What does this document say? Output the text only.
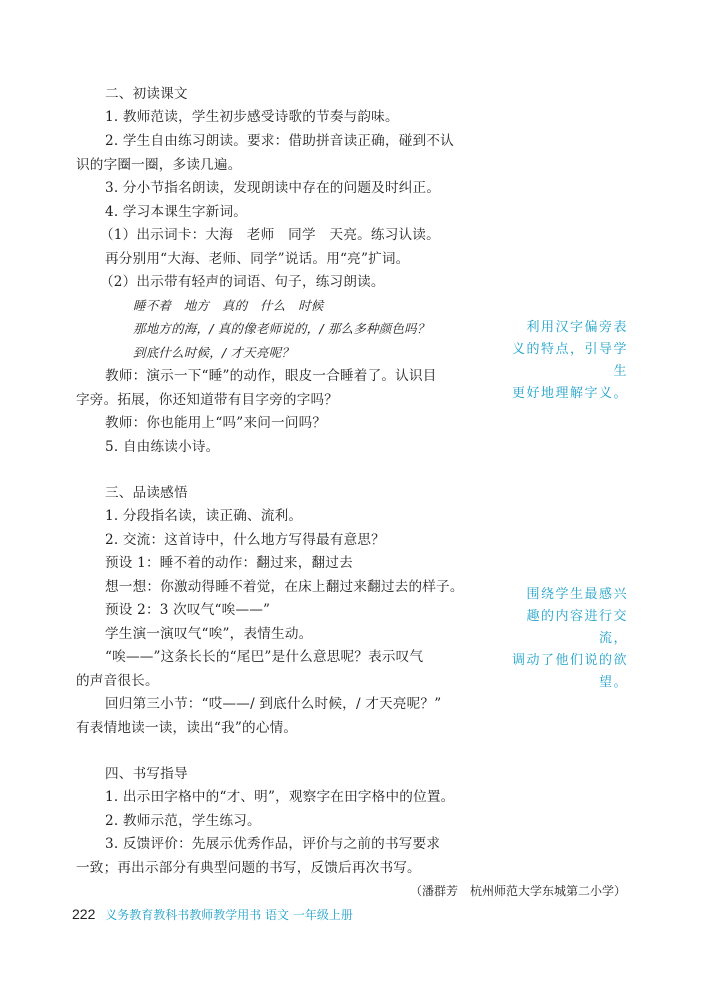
二、初读课文
1. 教师范读，学生初步感受诗歌的节奏与韵味。
2. 学生自由练习朗读。要求：借助拼音读正确，碰到不认
识的字圈一圈，多读几遍。
3. 分小节指名朗读，发现朗读中存在的问题及时纠正。
4. 学习本课生字新词。
（1）出示词卡：大海　老师　同学　天亮。练习认读。
再分别用“大海、老师、同学”说话。用“亮”扩词。
（2）出示带有轻声的词语、句子，练习朗读。
睡不着　地方　真的　什么　时候
那地方的海，/ 真的像老师说的，/ 那么多种颜色吗？
到底什么时候，/ 才天亮呢？
教师：演示一下“睡”的动作，眼皮一合睡着了。认识目
字旁。拓展，你还知道带有目字旁的字吗？
教师：你也能用上“吗”来问一问吗？
5. 自由练读小诗。
三、品读感悟
1. 分段指名读，读正确、流利。
2. 交流：这首诗中，什么地方写得最有意思？
预设 1：睡不着的动作：翻过来，翻过去
想一想：你激动得睡不着觉，在床上翻过来翻过去的样子。
预设 2：3 次叹气“唉——”
学生演一演叹气“唉”，表情生动。
“唉——”这条长长的“尾巴”是什么意思呢？表示叹气
的声音很长。
回归第三小节：“哎——/ 到底什么时候，/ 才天亮呢？”
有表情地读一读，读出“我”的心情。
四、书写指导
1. 出示田字格中的“才、明”，观察字在田字格中的位置。
2. 教师示范，学生练习。
3. 反馈评价：先展示优秀作品，评价与之前的书写要求
一致；再出示部分有典型问题的书写，反馈后再次书写。
（潘群芳　杭州师范大学东城第二小学）
利用汉字偏旁表
义的特点，引导学生
更好地理解字义。
围绕学生最感兴
趣的内容进行交流，
调动了他们说的欲望。
222 义务教育教科书教师教学用书 语文 一年级上册
